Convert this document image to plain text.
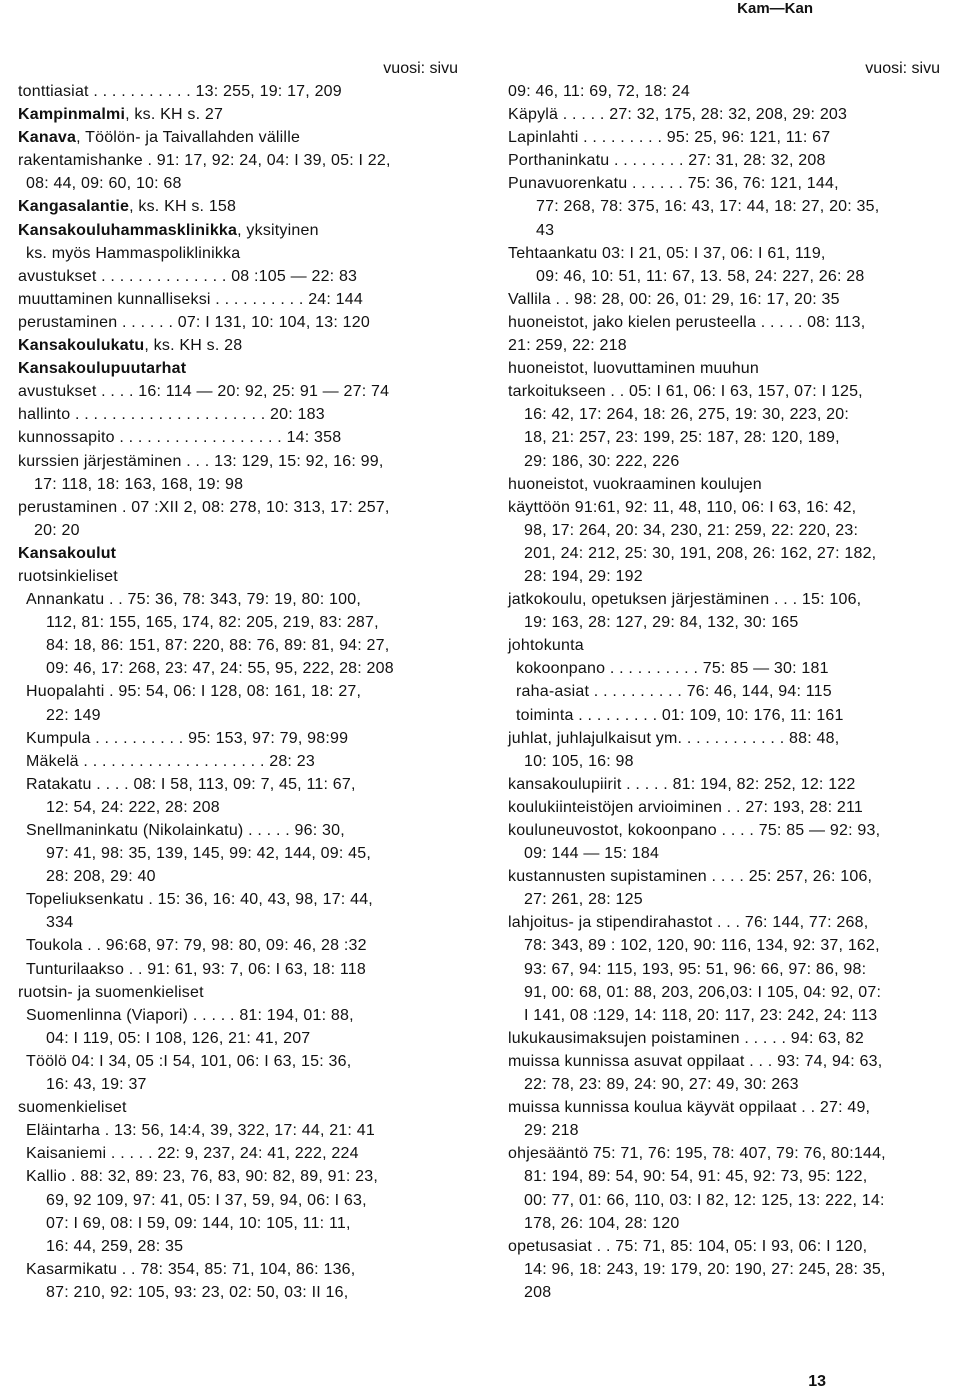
Kam—Kan
vuosi: sivu
tonttiasiat . . . . . . . . . . . 13: 255, 19: 17, 209
Kampinmalmi, ks. KH s. 27
Kanava, Töölön- ja Taivallahden välille
rakentamishanke . 91: 17, 92: 24, 04: I 39, 05: I 22,
08: 44, 09: 60, 10: 68
Kangasalantie, ks. KH s. 158
Kansakouluhammasklinikka, yksityinen
ks. myös Hammaspoliklinikka
avustukset . . . . . . . . . . . . . . 08 :105 — 22: 83
muuttaminen kunnalliseksi . . . . . . . . . . 24: 144
perustaminen . . . . . . 07: I 131, 10: 104, 13: 120
Kansakoulukatu, ks. KH s. 28
Kansakoulupuutarhat
avustukset . . . . 16: 114 — 20: 92, 25: 91 — 27: 74
hallinto . . . . . . . . . . . . . . . . . . . . . 20: 183
kunnossapito . . . . . . . . . . . . . . . . . . 14: 358
kurssien järjestäminen . . . 13: 129, 15: 92, 16: 99,
17: 118, 18: 163, 168, 19: 98
perustaminen . 07 :XII 2, 08: 278, 10: 313, 17: 257,
20: 20
Kansakoulut
ruotsinkieliset
Annankatu . . 75: 36, 78: 343, 79: 19, 80: 100,
112, 81: 155, 165, 174, 82: 205, 219, 83: 287,
84: 18, 86: 151, 87: 220, 88: 76, 89: 81, 94: 27,
09: 46, 17: 268, 23: 47, 24: 55, 95, 222, 28: 208
Huopalahti . 95: 54, 06: I 128, 08: 161, 18: 27,
22: 149
Kumpula . . . . . . . . . . 95: 153, 97: 79, 98:99
Mäkelä . . . . . . . . . . . . . . . . . . . . 28: 23
Ratakatu . . . . 08: I 58, 113, 09: 7, 45, 11: 67,
12: 54, 24: 222, 28: 208
Snellmaninkatu (Nikolainkatu) . . . . . 96: 30,
97: 41, 98: 35, 139, 145, 99: 42, 144, 09: 45,
28: 208, 29: 40
Topeliuksenkatu . 15: 36, 16: 40, 43, 98, 17: 44,
334
Toukola . . 96:68, 97: 79, 98: 80, 09: 46, 28 :32
Tunturilaakso . . 91: 61, 93: 7, 06: I 63, 18: 118
ruotsin- ja suomenkieliset
Suomenlinna (Viapori) . . . . . 81: 194, 01: 88,
04: I 119, 05: I 108, 126, 21: 41, 207
Töölö 04: I 34, 05 :I 54, 101, 06: I 63, 15: 36,
16: 43, 19: 37
suomenkieliset
Eläintarha . 13: 56, 14:4, 39, 322, 17: 44, 21: 41
Kaisaniemi . . . . . 22: 9, 237, 24: 41, 222, 224
Kallio . 88: 32, 89: 23, 76, 83, 90: 82, 89, 91: 23,
69, 92 109, 97: 41, 05: I 37, 59, 94, 06: I 63,
07: I 69, 08: I 59, 09: 144, 10: 105, 11: 11,
16: 44, 259, 28: 35
Kasarmikatu . . 78: 354, 85: 71, 104, 86: 136,
87: 210, 92: 105, 93: 23, 02: 50, 03: II 16,
vuosi: sivu
09: 46, 11: 69, 72, 18: 24
Käpylä . . . . . 27: 32, 175, 28: 32, 208, 29: 203
Lapinlahti . . . . . . . . . 95: 25, 96: 121, 11: 67
Porthaninkatu . . . . . . . . 27: 31, 28: 32, 208
Punavuorenkatu . . . . . . 75: 36, 76: 121, 144,
77: 268, 78: 375, 16: 43, 17: 44, 18: 27, 20: 35,
43
Tehtaankatu 03: I 21, 05: I 37, 06: I 61, 119,
09: 46, 10: 51, 11: 67, 13. 58, 24: 227, 26: 28
Vallila . . 98: 28, 00: 26, 01: 29, 16: 17, 20: 35
huoneistot, jako kielen perusteella . . . . . 08: 113,
21: 259, 22: 218
huoneistot, luovuttaminen muuhun
tarkoitukseen . . 05: I 61, 06: I 63, 157, 07: I 125,
16: 42, 17: 264, 18: 26, 275, 19: 30, 223, 20:
18, 21: 257, 23: 199, 25: 187, 28: 120, 189,
29: 186, 30: 222, 226
huoneistot, vuokraaminen koulujen
käyttöön 91:61, 92: 11, 48, 110, 06: I 63, 16: 42,
98, 17: 264, 20: 34, 230, 21: 259, 22: 220, 23:
201, 24: 212, 25: 30, 191, 208, 26: 162, 27: 182,
28: 194, 29: 192
jatkokoulu, opetuksen järjestäminen . . . 15: 106,
19: 163, 28: 127, 29: 84, 132, 30: 165
johtokunta
kokoonpano . . . . . . . . . . 75: 85 — 30: 181
raha-asiat . . . . . . . . . . 76: 46, 144, 94: 115
toiminta . . . . . . . . . 01: 109, 10: 176, 11: 161
juhlat, juhlajulkaisut ym. . . . . . . . . . . . 88: 48,
10: 105, 16: 98
kansakoulupiirit . . . . . 81: 194, 82: 252, 12: 122
koulukiinteistöjen arvioiminen . . 27: 193, 28: 211
kouluneuvostot, kokoonpano . . . . 75: 85 — 92: 93,
09: 144 — 15: 184
kustannusten supistaminen . . . . 25: 257, 26: 106,
27: 261, 28: 125
lahjoitus- ja stipendirahastot . . . 76: 144, 77: 268,
78: 343, 89 : 102, 120, 90: 116, 134, 92: 37, 162,
93: 67, 94: 115, 193, 95: 51, 96: 66, 97: 86, 98:
91, 00: 68, 01: 88, 203, 206,03: I 105, 04: 92, 07:
I 141, 08 :129, 14: 118, 20: 117, 23: 242, 24: 113
lukukausimaksujen poistaminen . . . . . 94: 63, 82
muissa kunnissa asuvat oppilaat . . . 93: 74, 94: 63,
22: 78, 23: 89, 24: 90, 27: 49, 30: 263
muissa kunnissa koulua käyvät oppilaat . . 27: 49,
29: 218
ohjesääntö 75: 71, 76: 195, 78: 407, 79: 76, 80:144,
81: 194, 89: 54, 90: 54, 91: 45, 92: 73, 95: 122,
00: 77, 01: 66, 110, 03: I 82, 12: 125, 13: 222, 14:
178, 26: 104, 28: 120
opetusasiat . . 75: 71, 85: 104, 05: I 93, 06: I 120,
14: 96, 18: 243, 19: 179, 20: 190, 27: 245, 28: 35,
208
13
